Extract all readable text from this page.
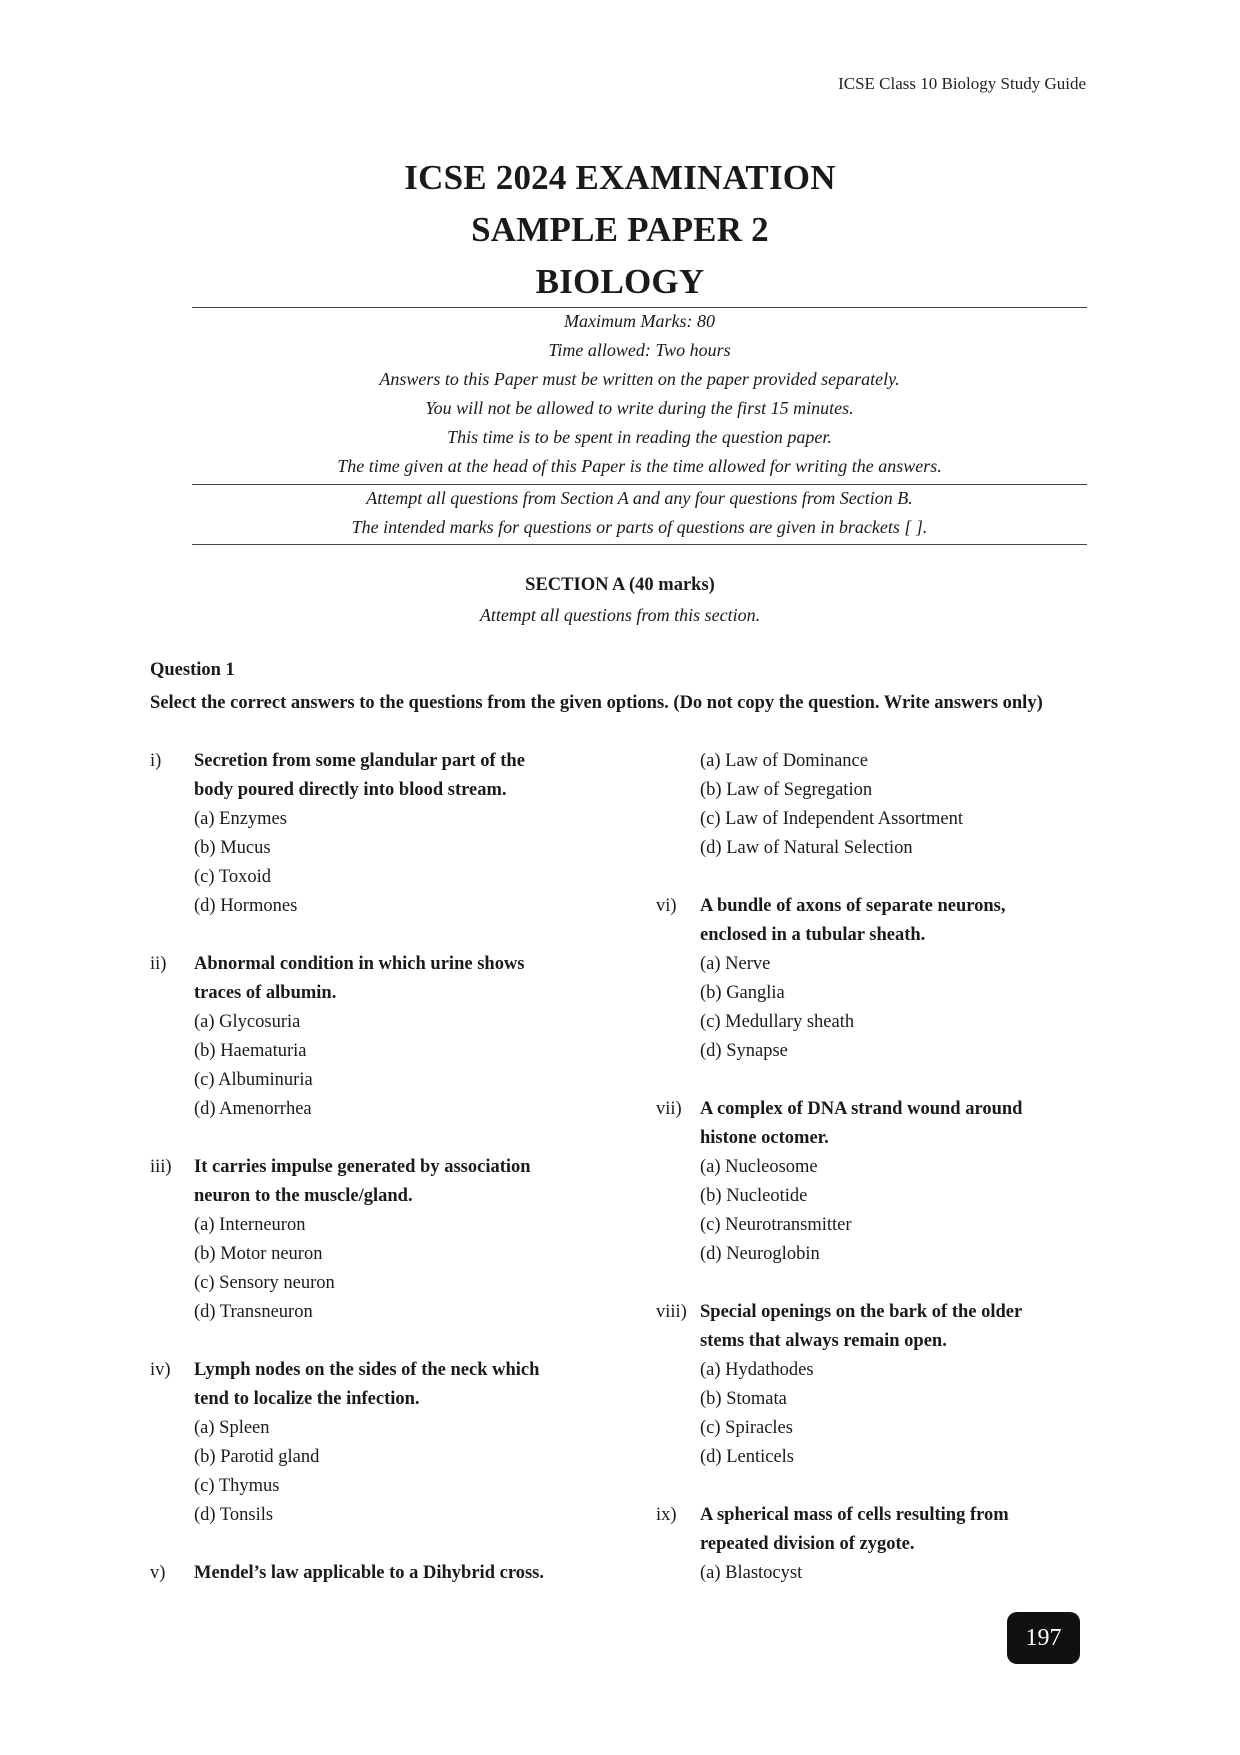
ICSE Class 10 Biology Study Guide
ICSE 2024 EXAMINATION
SAMPLE PAPER 2
BIOLOGY
Maximum Marks: 80
Time allowed: Two hours
Answers to this Paper must be written on the paper provided separately.
You will not be allowed to write during the first 15 minutes.
This time is to be spent in reading the question paper.
The time given at the head of this Paper is the time allowed for writing the answers.
Attempt all questions from Section A and any four questions from Section B.
The intended marks for questions or parts of questions are given in brackets [ ].
SECTION A (40 marks)
Attempt all questions from this section.
Question 1
Select the correct answers to the questions from the given options. (Do not copy the question. Write answers only)
i)	Secretion from some glandular part of the
body poured directly into blood stream.
(a) Enzymes
(b) Mucus
(c) Toxoid
(d) Hormones
ii)	Abnormal condition in which urine shows
traces of albumin.
(a) Glycosuria
(b) Haematuria
(c) Albuminuria
(d) Amenorrhea
iii)	It carries impulse generated by association
neuron to the muscle/gland.
(a) Interneuron
(b) Motor neuron
(c) Sensory neuron
(d) Transneuron
iv)	Lymph nodes on the sides of the neck which
tend to localize the infection.
(a) Spleen
(b) Parotid gland
(c) Thymus
(d) Tonsils
v)	Mendel’s law applicable to a Dihybrid cross.
(a) Law of Dominance
(b) Law of Segregation
(c) Law of Independent Assortment
(d) Law of Natural Selection
vi)	A bundle of axons of separate neurons,
enclosed in a tubular sheath.
(a) Nerve
(b) Ganglia
(c) Medullary sheath
(d) Synapse
vii) A complex of DNA strand wound around
histone octomer.
(a) Nucleosome
(b) Nucleotide
(c) Neurotransmitter
(d) Neuroglobin
viii) Special openings on the bark of the older
stems that always remain open.
(a) Hydathodes
(b) Stomata
(c) Spiracles
(d) Lenticels
ix)	A spherical mass of cells resulting from
repeated division of zygote.
(a) Blastocyst
197
